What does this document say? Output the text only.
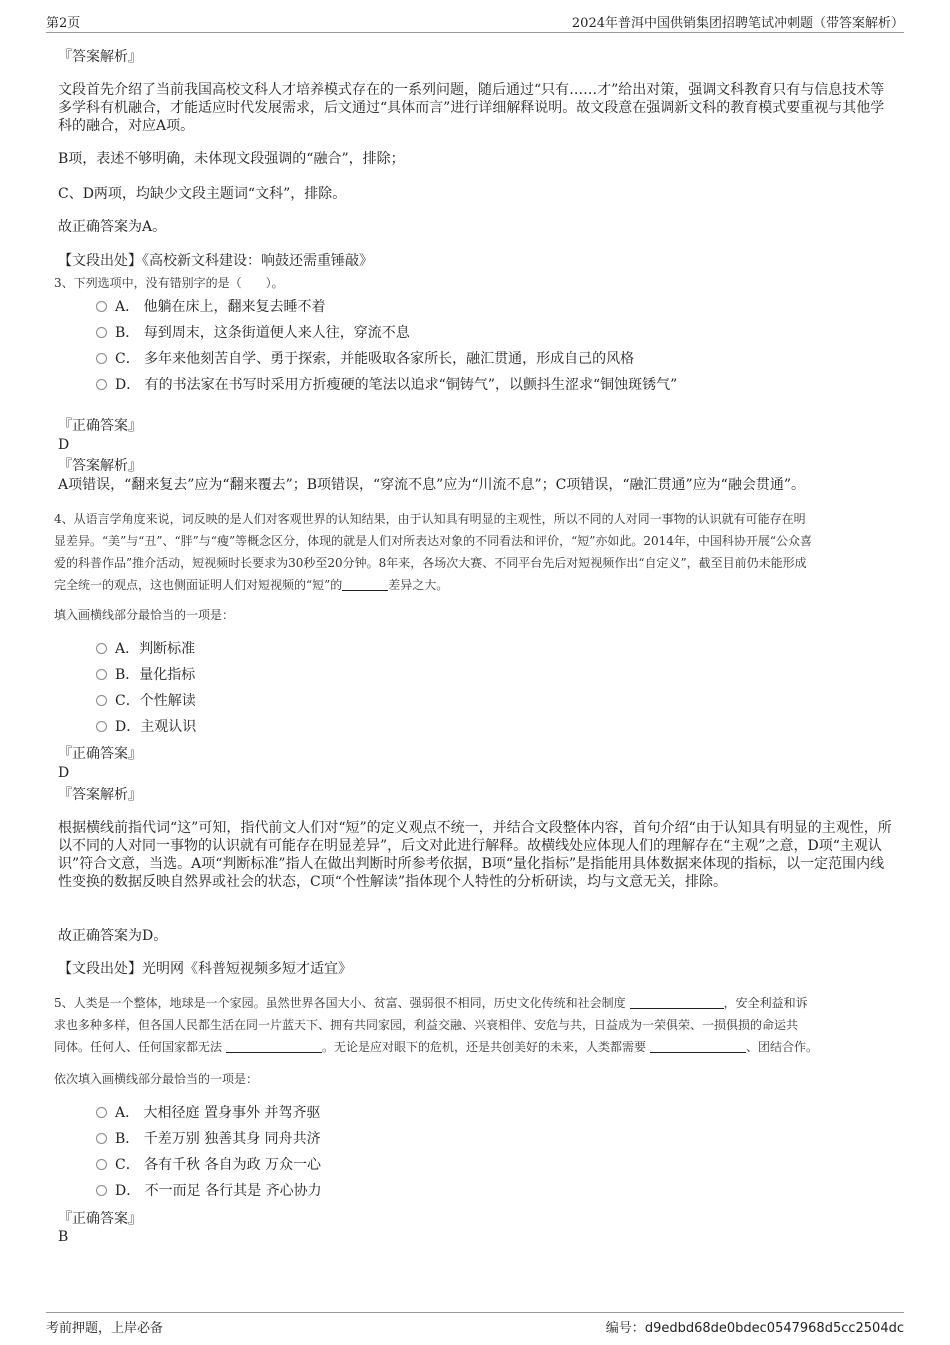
第2页	2024年普洱中国供销集团招聘笔试冲刺题（带答案解析）
『答案解析』
文段首先介绍了当前我国高校文科人才培养模式存在的一系列问题，随后通过“只有……才”给出对策，强调文科教育只有与信息技术等多学科有机融合，才能适应时代发展需求，后文通过“具体而言”进行详细解释说明。故文段意在强调新文科的教育模式要重视与其他学科的融合，对应A项。
B项，表述不够明确，未体现文段强调的“融合”，排除；
C、D两项，均缺少文段主题词“文科”，排除。
故正确答案为A。
【文段出处】《高校新文科建设：响鼓还需重锤敲》
3、下列选项中，没有错别字的是（　　）。
A． 他躺在床上，翻来复去睡不着
B． 每到周末，这条街道便人来人往，穿流不息
C． 多年来他刻苦自学、勇于探索，并能吸取各家所长，融汇贯通，形成自己的风格
D． 有的书法家在书写时采用方折瘦硬的笔法以追求“铜铸气”，以颤抖生涩求“铜蚀斑锈气”
『正确答案』
D
『答案解析』
A项错误，“翻来复去”应为“翻来覆去”；B项错误，“穿流不息”应为“川流不息”；C项错误，“融汇贯通”应为“融会贯通”。
4、从语言学角度来说，词反映的是人们对客观世界的认知结果，由于认知具有明显的主观性，所以不同的人对同一事物的认识就有可能存在明
显差异。“美”与“丑”、“胖”与“瘦”等概念区分，体现的就是人们对所表达对象的不同看法和评价，“短”亦如此。2014年，中国科协开展“公众喜
爱的科普作品”推介活动，短视频时长要求为30秒至20分钟。8年来，各场次大赛、不同平台先后对短视频作出“自定义”，截至目前仍未能形成
完全统一的观点，这也侧面证明人们对短视频的“短”的	差异之大。
填入画横线部分最恰当的一项是：
A．判断标准
B．量化指标
C．个性解读
D．主观认识
『正确答案』
D
『答案解析』
根据横线前指代词“这”可知，指代前文人们对“短”的定义观点不统一，并结合文段整体内容，首句介绍“由于认知具有明显的主观性，所以不同的人对同一事物的认识就有可能存在明显差异”，后文对此进行解释。故横线处应体现人们的理解存在“主观”之意，D项“主观认识”符合文意，当选。A项“判断标准”指人在做出判断时所参考依据，B项“量化指标”是指能用具体数据来体现的指标，以一定范围内线性变换的数据反映自然界或社会的状态，C项“个性解读”指体现个人特性的分析研读，均与文意无关，排除。
故正确答案为D。
【文段出处】光明网《科普短视频多短才适宜》
5、人类是一个整体，地球是一个家园。虽然世界各国大小、贫富、强弱很不相同，历史文化传统和社会制度	，安全利益和诉
求也多种多样，但各国人民都生活在同一片蓝天下、拥有共同家园，利益交融、兴衰相伴、安危与共，日益成为一荣俱荣、一损俱损的命运共
同体。任何人、任何国家都无法	。无论是应对眼下的危机，还是共创美好的未来，人类都需要	、团结合作。
依次填入画横线部分最恰当的一项是：
A． 大相径庭 置身事外 并驾齐驱
B． 千差万别 独善其身 同舟共济
C． 各有千秋 各自为政 万众一心
D． 不一而足 各行其是 齐心协力
『正确答案』
B
考前押题，上岸必备	编号：d9edbd68de0bdec0547968d5cc2504dc
